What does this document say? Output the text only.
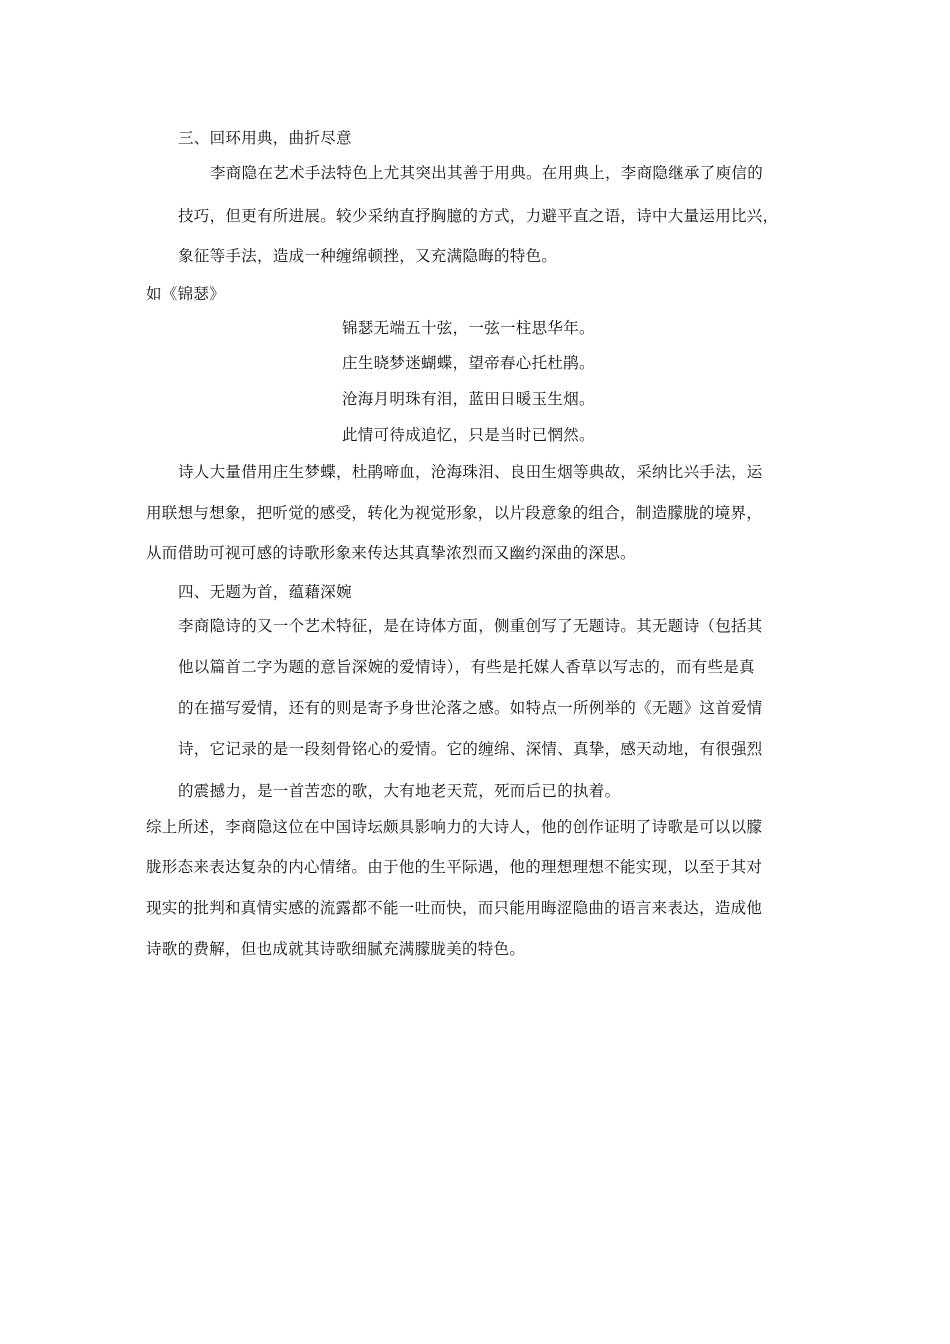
三、回环用典，曲折尽意
李商隐在艺术手法特色上尤其突出其善于用典。在用典上，李商隐继承了庾信的
技巧，但更有所进展。较少采纳直抒胸臆的方式，力避平直之语，诗中大量运用比兴，
象征等手法，造成一种缠绵顿挫，又充满隐晦的特色。
如《锦瑟》
锦瑟无端五十弦，一弦一柱思华年。
庄生晓梦迷蝴蝶，望帝春心托杜鹃。
沧海月明珠有泪，蓝田日暖玉生烟。
此情可待成追忆，只是当时已惘然。
诗人大量借用庄生梦蝶，杜鹃啼血，沧海珠泪、良田生烟等典故，采纳比兴手法，运
用联想与想象，把听觉的感受，转化为视觉形象，以片段意象的组合，制造朦胧的境界，
从而借助可视可感的诗歌形象来传达其真挚浓烈而又幽约深曲的深思。
四、无题为首，蕴藉深婉
李商隐诗的又一个艺术特征，是在诗体方面，侧重创写了无题诗。其无题诗（包括其
他以篇首二字为题的意旨深婉的爱情诗），有些是托媒人香草以写志的，而有些是真
的在描写爱情，还有的则是寄予身世沦落之感。如特点一所例举的《无题》这首爱情
诗，它记录的是一段刻骨铭心的爱情。它的缠绵、深情、真挚，感天动地，有很强烈
的震撼力，是一首苦恋的歌，大有地老天荒，死而后已的执着。
综上所述，李商隐这位在中国诗坛颇具影响力的大诗人，他的创作证明了诗歌是可以以朦
胧形态来表达复杂的内心情绪。由于他的生平际遇，他的理想理想不能实现，以至于其对
现实的批判和真情实感的流露都不能一吐而快，而只能用晦涩隐曲的语言来表达，造成他
诗歌的费解，但也成就其诗歌细腻充满朦胧美的特色。
